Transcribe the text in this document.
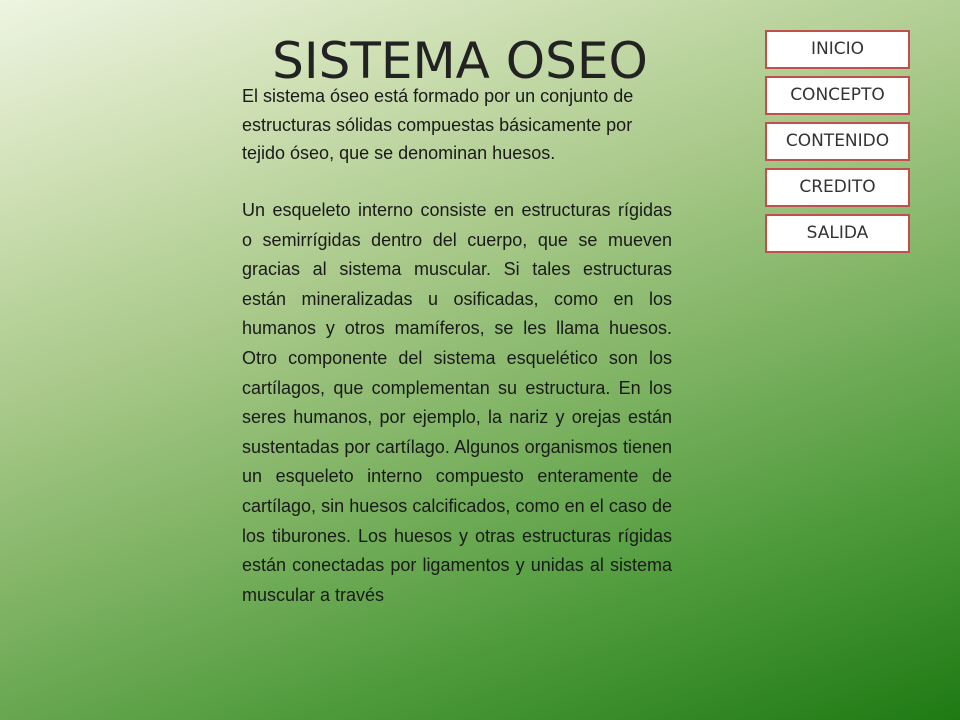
SISTEMA OSEO

El sistema óseo está formado por un conjunto de estructuras sólidas compuestas básicamente por tejido óseo, que se denominan huesos.

Un esqueleto interno consiste en estructuras rígidas o semirrígidas dentro del cuerpo, que se mueven gracias al sistema muscular. Si tales estructuras están mineralizadas u osificadas, como en los humanos y otros mamíferos, se les llama huesos. Otro componente del sistema esquelético son los cartílagos, que complementan su estructura. En los seres humanos, por ejemplo, la nariz y orejas están sustentadas por cartílago. Algunos organismos tienen un esqueleto interno compuesto enteramente de cartílago, sin huesos calcificados, como en el caso de los tiburones. Los huesos y otras estructuras rígidas están conectadas por ligamentos y unidas al sistema muscular a través

INICIO
CONCEPTO
CONTENIDO
CREDITO
SALIDA
